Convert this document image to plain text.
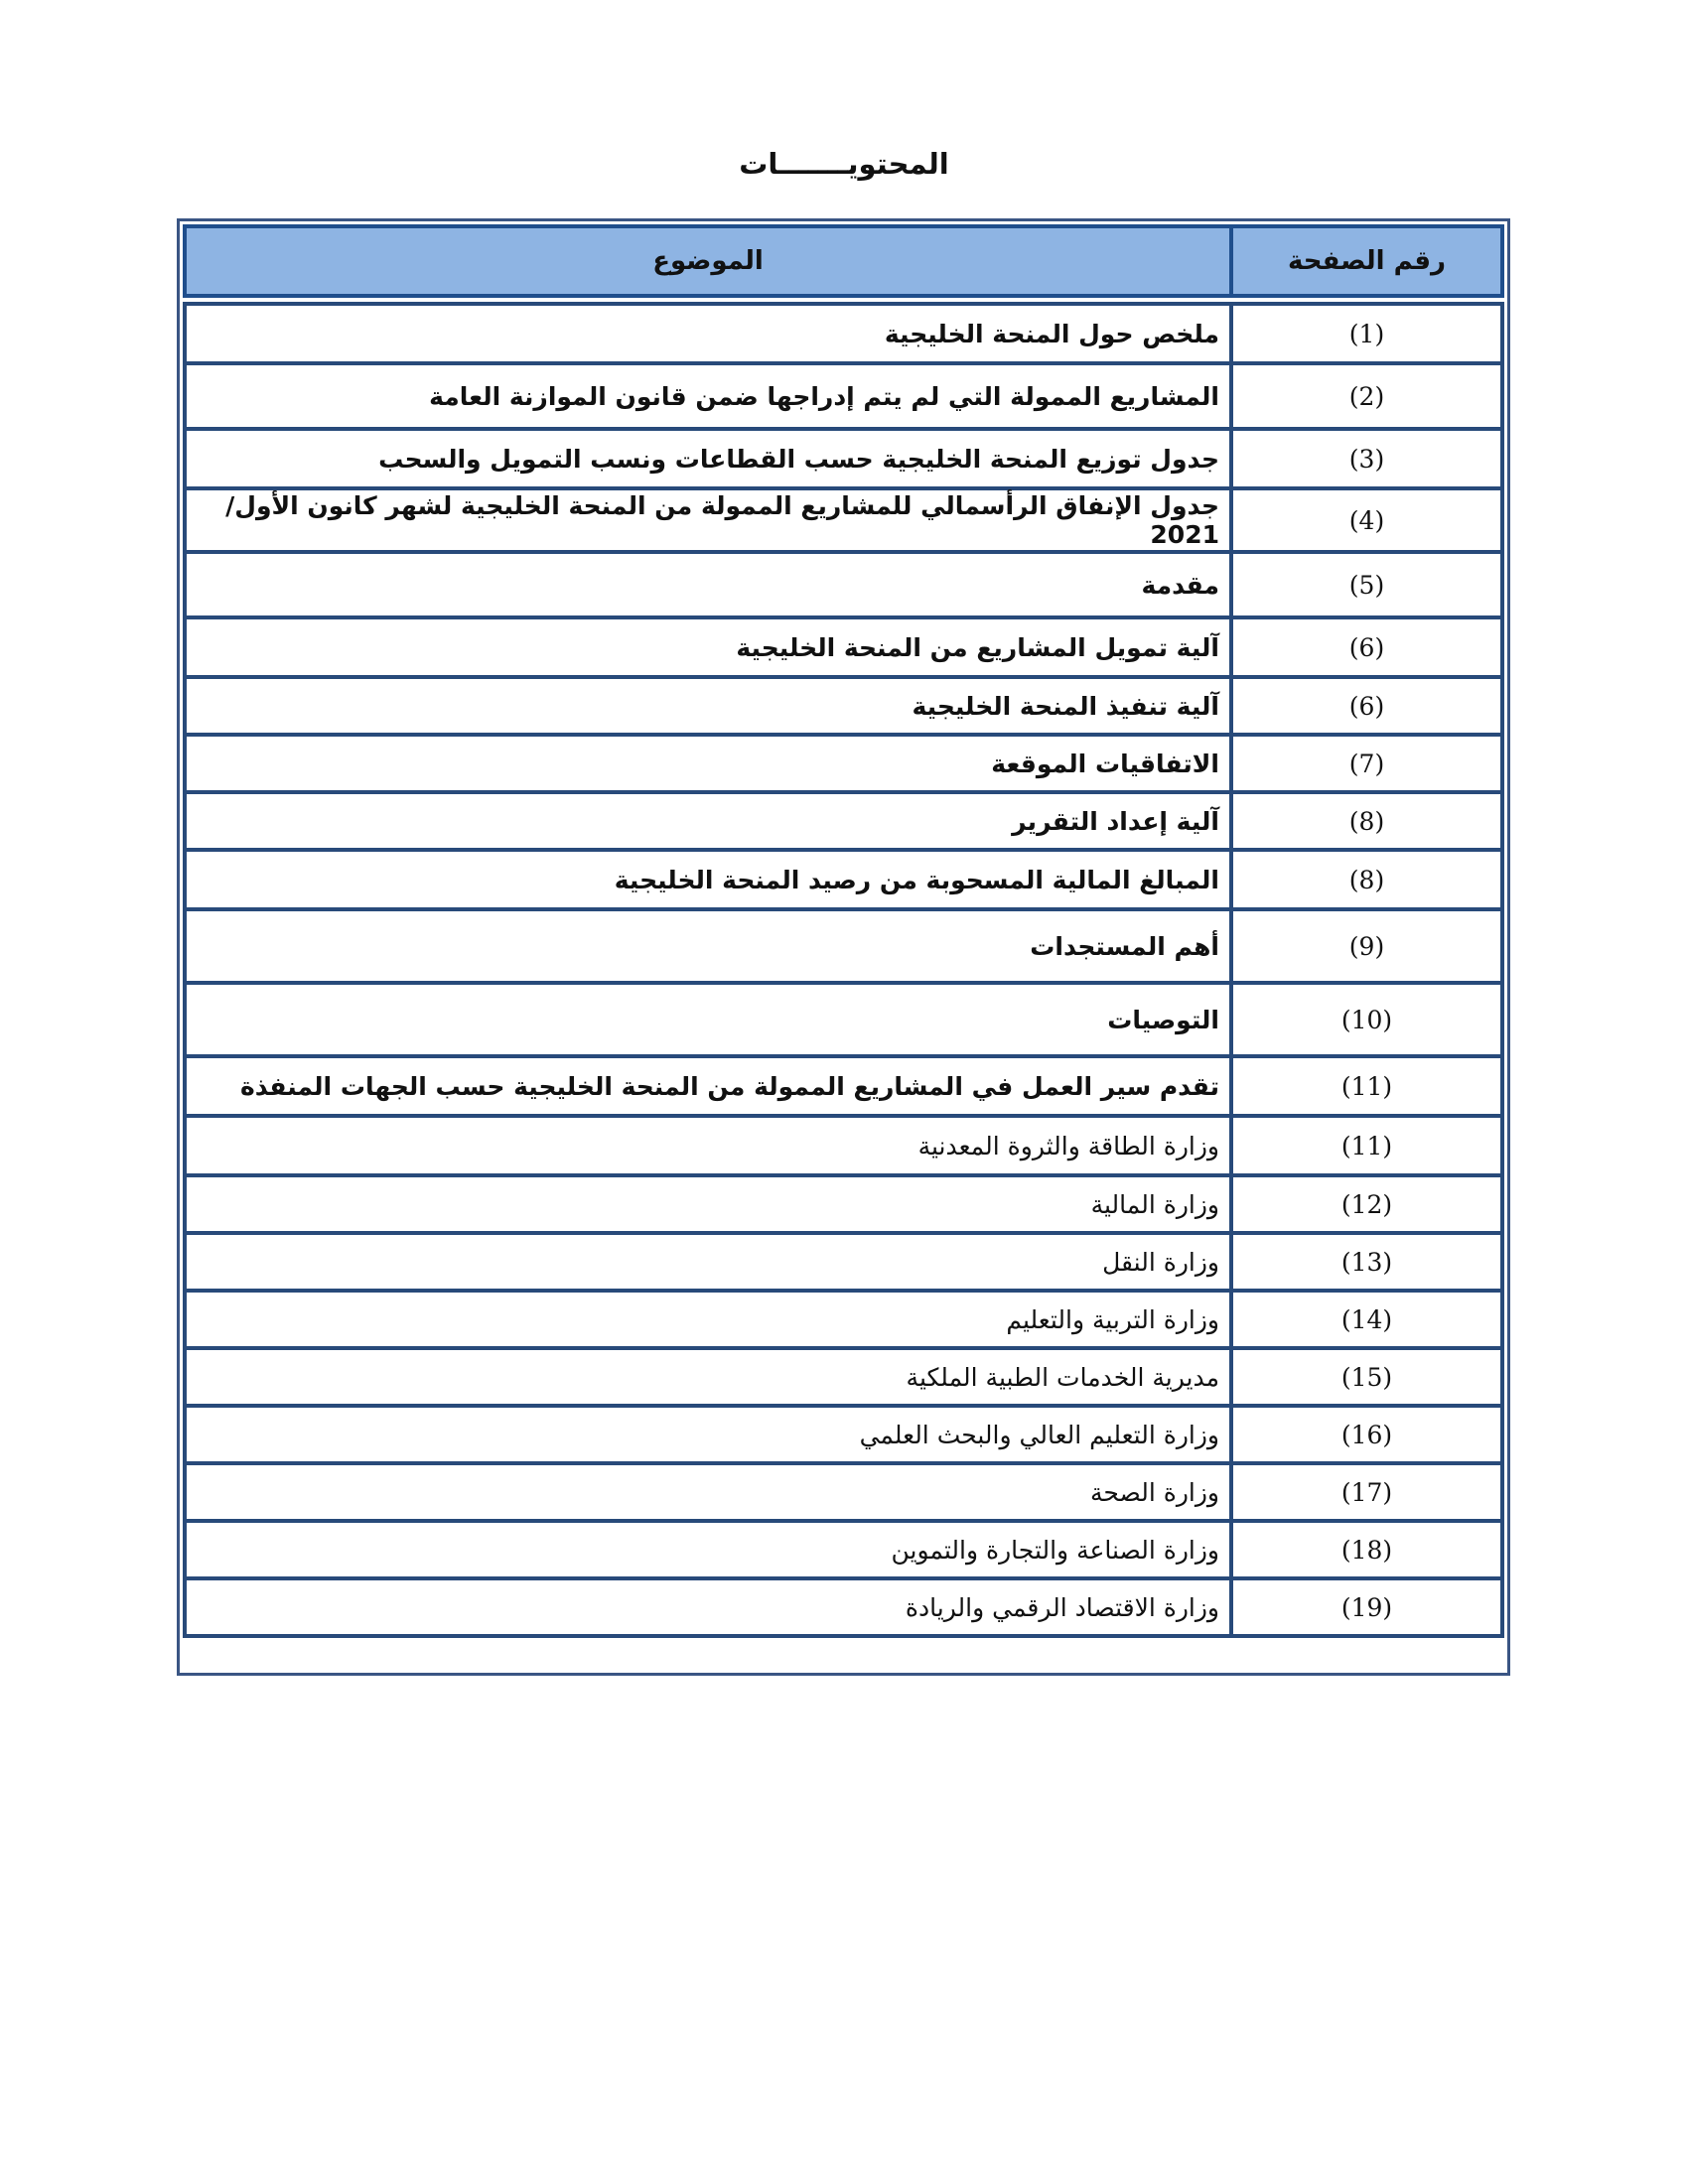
المحتويـــــــات
رقم الصفحة	الموضوع

(1)	ملخص حول المنحة الخليجية
(2)	المشاريع الممولة التي لم يتم إدراجها ضمن قانون الموازنة العامة
(3)	جدول توزيع المنحة الخليجية حسب القطاعات ونسب التمويل والسحب
(4)	جدول الإنفاق الرأسمالي للمشاريع الممولة من المنحة الخليجية لشهر كانون الأول/ 2021
(5)	مقدمة
(6)	آلية تمويل المشاريع من المنحة الخليجية
(6)	آلية تنفيذ المنحة الخليجية
(7)	الاتفاقيات الموقعة
(8)	آلية إعداد التقرير
(8)	المبالغ المالية المسحوبة من رصيد المنحة الخليجية
(9)	أهم المستجدات
(10)	التوصيات
(11)	تقدم سير العمل في المشاريع الممولة من المنحة الخليجية حسب الجهات المنفذة
(11)	وزارة الطاقة والثروة المعدنية
(12)	وزارة المالية
(13)	وزارة النقل
(14)	وزارة التربية والتعليم
(15)	مديرية الخدمات الطبية الملكية
(16)	وزارة التعليم العالي والبحث العلمي
(17)	وزارة الصحة
(18)	وزارة الصناعة والتجارة والتموين
(19)	وزارة الاقتصاد الرقمي والريادة
